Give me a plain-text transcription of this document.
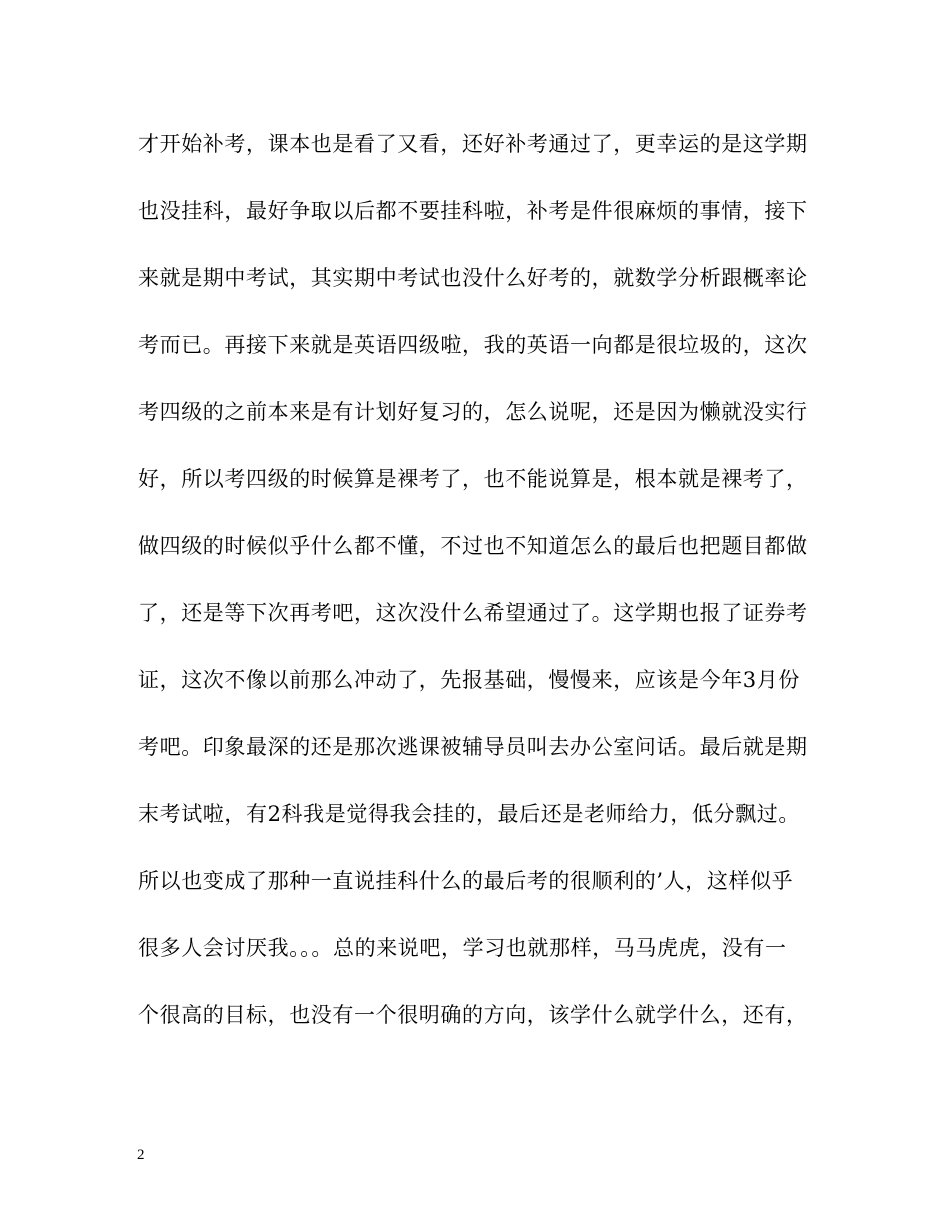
才开始补考，课本也是看了又看，还好补考通过了，更幸运的是这学期
也没挂科，最好争取以后都不要挂科啦，补考是件很麻烦的事情，接下
来就是期中考试，其实期中考试也没什么好考的，就数学分析跟概率论
考而已。再接下来就是英语四级啦，我的英语一向都是很垃圾的，这次
考四级的之前本来是有计划好复习的，怎么说呢，还是因为懒就没实行
好，所以考四级的时候算是裸考了，也不能说算是，根本就是裸考了，
做四级的时候似乎什么都不懂，不过也不知道怎么的最后也把题目都做
了，还是等下次再考吧，这次没什么希望通过了。这学期也报了证券考
证，这次不像以前那么冲动了，先报基础，慢慢来，应该是今年3月份
考吧。印象最深的还是那次逃课被辅导员叫去办公室问话。最后就是期
末考试啦，有2科我是觉得我会挂的，最后还是老师给力，低分飘过。
所以也变成了那种一直说挂科什么的最后考的很顺利的’人，这样似乎
很多人会讨厌我。。。总的来说吧，学习也就那样，马马虎虎，没有一
个很高的目标，也没有一个很明确的方向，该学什么就学什么，还有，
2
